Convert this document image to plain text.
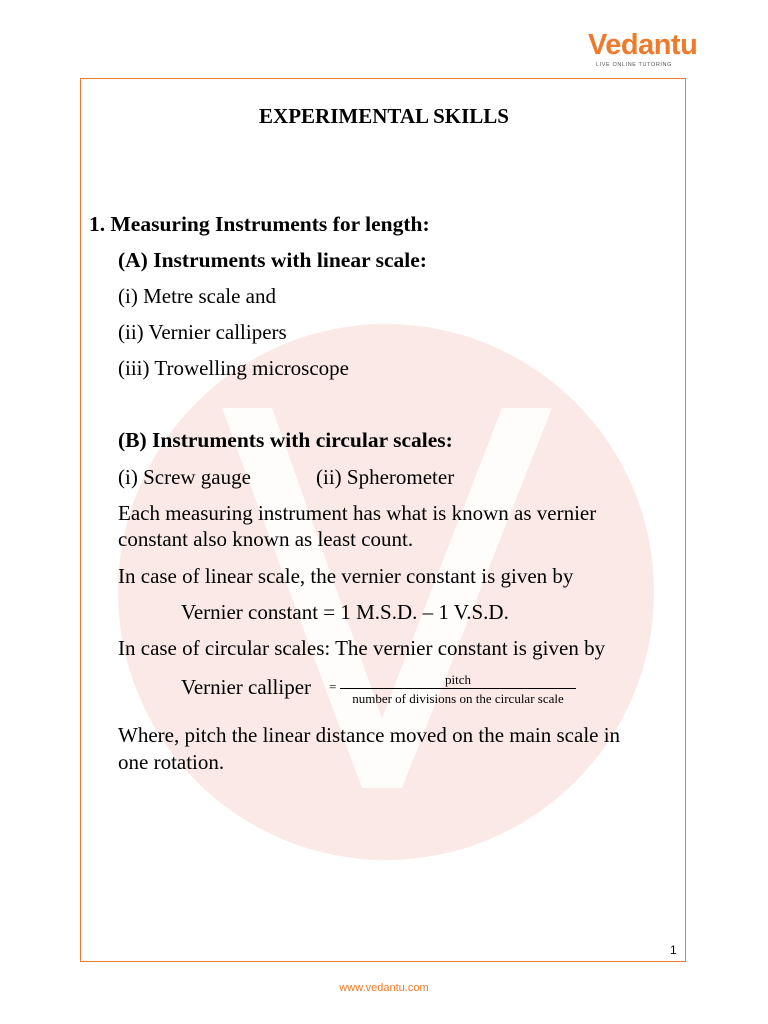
Vedantu
LIVE ONLINE TUTORING
EXPERIMENTAL SKILLS
1. Measuring Instruments for length:
(A) Instruments with linear scale:
(i) Metre scale and
(ii) Vernier callipers
(iii) Trowelling microscope
(B) Instruments with circular scales:
(i) Screw gauge	(ii) Spherometer
Each measuring instrument has what is known as vernier
constant also known as least count.
In case of linear scale, the vernier constant is given by
Vernier constant = 1 M.S.D. – 1 V.S.D.
In case of circular scales: The vernier constant is given by
Vernier calliper =	pitch
number of divisions on the circular scale
Where, pitch the linear distance moved on the main scale in
one rotation.
1
www.vedantu.com
